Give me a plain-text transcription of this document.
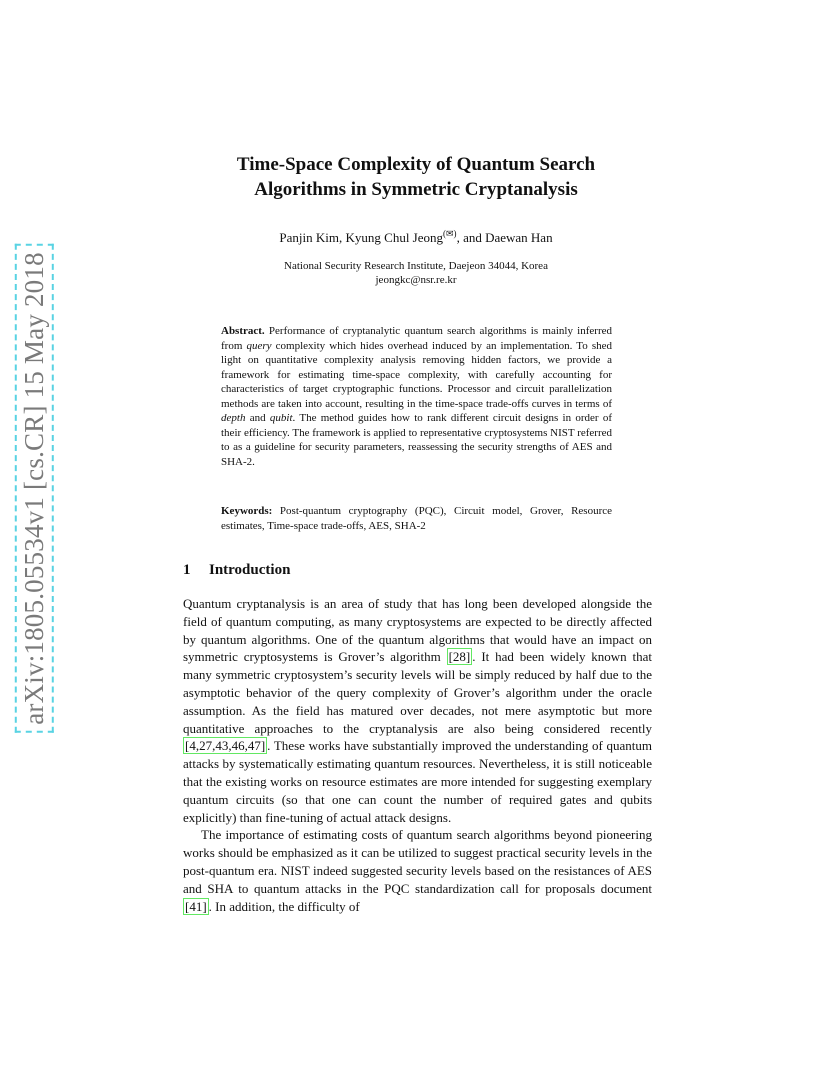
arXiv:1805.05534v1 [cs.CR] 15 May 2018
Time-Space Complexity of Quantum Search
Algorithms in Symmetric Cryptanalysis
Panjin Kim, Kyung Chul Jeong(✉), and Daewan Han
National Security Research Institute, Daejeon 34044, Korea
jeongkc@nsr.re.kr
Abstract. Performance of cryptanalytic quantum search algorithms is mainly inferred from query complexity which hides overhead induced by an implementation. To shed light on quantitative complexity analysis removing hidden factors, we provide a framework for estimating time-space complexity, with carefully accounting for characteristics of target cryptographic functions. Processor and circuit parallelization methods are taken into account, resulting in the time-space trade-offs curves in terms of depth and qubit. The method guides how to rank different circuit designs in order of their efficiency. The framework is applied to representative cryptosystems NIST referred to as a guideline for security parameters, reassessing the security strengths of AES and SHA-2.
Keywords: Post-quantum cryptography (PQC), Circuit model, Grover, Resource estimates, Time-space trade-offs, AES, SHA-2
1 Introduction

Quantum cryptanalysis is an area of study that has long been developed alongside the field of quantum computing, as many cryptosystems are expected to be directly affected by quantum algorithms. One of the quantum algorithms that would have an impact on symmetric cryptosystems is Grover’s algorithm [28] . It had been widely known that many symmetric cryptosystem’s security levels will be simply reduced by half due to the asymptotic behavior of the query complexity of Grover’s algorithm under the oracle assumption. As the field has matured over decades, not mere asymptotic but more quantitative approaches to the cryptanalysis are also being considered recently [4,27,43,46,47] . These works have substantially improved the understanding of quantum attacks by systematically estimating quantum resources. Nevertheless, it is still noticeable that the existing works on resource estimates are more intended for suggesting exemplary quantum circuits (so that one can count the number of required gates and qubits explicitly) than fine-tuning of actual attack designs.

The importance of estimating costs of quantum search algorithms beyond pioneering works should be emphasized as it can be utilized to suggest practical security levels in the post-quantum era. NIST indeed suggested security levels based on the resistances of AES and SHA to quantum attacks in the PQC standardization call for proposals document [41] . In addition, the difficulty of
